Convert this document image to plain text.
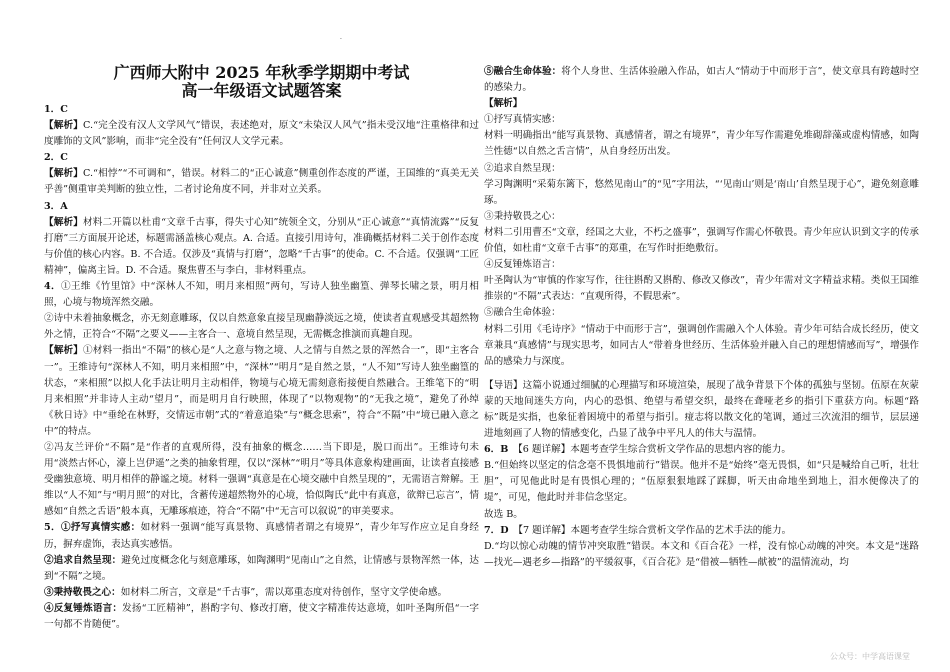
·

广西师大附中 2025 年秋季学期期中考试

高一年级语文试题答案

1．C

【解析】C.“完全没有汉人文学风气”错误，表述绝对，原文“未染汉人风气”指未受汉地“注重格律和过度雕饰的文风”影响，而非“完全没有”任何汉人文学元素。

2．C

【解析】C.“相悖”“不可调和”，错误。材料二的“正心诚意”侧重创作态度的严谨，王国维的“真美无关乎善”侧重审美判断的独立性，二者讨论角度不同，并非对立关系。

3．A

【解析】材料二开篇以杜甫“文章千古事，得失寸心知”统领全文，分别从“正心诚意”“真情流露”“反复打磨”三方面展开论述，标题需涵盖核心观点。A. 合适。直接引用诗句，准确概括材料二关于创作态度与价值的核心内容。B. 不合适。仅涉及“真情与打磨”，忽略“千古事”的使命。C. 不合适。仅强调“工匠精神”，偏离主旨。D. 不合适。聚焦曹丕与李白，非材料重点。

4．①王维《竹里馆》中“深林人不知，明月来相照”两句，写诗人独坐幽篁、弹琴长啸之景，明月相照，心境与物境浑然交融。

②诗中未着抽象概念，亦无刻意雕琢，仅以自然意象直接呈现幽静淡远之境，使读者直观感受其超然物外之情，正符合“不隔”之要义——主客合一、意境自然呈现，无需概念推演而真趣自现。

【解析】①材料一指出“不隔”的核心是“人之意与物之境、人之情与自然之景的浑然合一”，即“主客合一”。王维诗句“深林人不知，明月来相照”中，“深林”“明月”是自然之景，“人不知”写诗人独坐幽篁的状态，“来相照”以拟人化手法让明月主动相伴，物境与心境无需刻意衔接便自然融合。王维笔下的“明月来相照”并非诗人主动“望月”，而是明月自行映照，体现了“以物观物”的“无我之境”，避免了孙绰《秋日诗》中“垂纶在林野，交情远市朝”式的“着意追染”与“概念思索”，符合“不隔”中“境已融入意之中”的特点。

②冯友兰评价“不隔”是“作者的直观所得，没有抽象的概念……当下即是，脱口而出”。王维诗句未用“淡然古怀心，濠上岂伊遥”之类的抽象哲理，仅以“深林”“明月”等具体意象构建画面，让读者直接感受幽独意境、明月相伴的静谧之境。材料一强调“真意是在心境交融中自然呈现的”，无需语言辩解。王维以“人不知”与“明月照”的对比，含蓄传递超然物外的心境，恰似陶氏“此中有真意，欲辩已忘言”，情感如“自然之舌语”般本真，无雕琢痕迹，符合“不隔”中“无言可以叙说”的审美要求。

5．①抒写真情实感：如材料一强调“能写真景物、真感情者谓之有境界”，青少年写作应立足自身经历，摒弃虚饰，表达真实感悟。

②追求自然呈现：避免过度概念化与刻意雕琢，如陶渊明“见南山”之自然，让情感与景物浑然一体，达到“不隔”之境。

③秉持敬畏之心：如材料二所言，文章是“千古事”，需以郑重态度对待创作，坚守文学使命感。

④反复锤炼语言：发扬“工匠精神”，斟酌字句、修改打磨，使文字精准传达意境，如叶圣陶所倡“一字一句都不肯随便”。

⑤融合生命体验：将个人身世、生活体验融入作品，如古人“情动于中而形于言”，使文章具有跨越时空的感染力。

【解析】

①抒写真情实感：

材料一明确指出“能写真景物、真感情者，谓之有境界”，青少年写作需避免堆砌辞藻或虚构情感，如陶兰性德“以自然之舌言情”，从自身经历出发。

②追求自然呈现：

学习陶渊明“采菊东篱下，悠然见南山”的“见”字用法，“‘见南山’则是‘南山’自然呈现于心”，避免刻意雕琢。

③秉持敬畏之心：

材料二引用曹丕“文章，经国之大业，不朽之盛事”，强调写作需心怀敬畏。青少年应认识到文字的传承价值，如杜甫“文章千古事”的郑重，在写作时拒绝敷衍。

④反复锤炼语言：

叶圣陶认为“审慎的作家写作，往往斟酌又斟酌、修改又修改”，青少年需对文字精益求精。类似王国维推崇的“不隔”式表达：“直观所得，不假思索”。

⑤融合生命体验：

材料二引用《毛诗序》“情动于中而形于言”，强调创作需融入个人体验。青少年可结合成长经历，使文章兼具“真感情”与现实思考，如同古人“带着身世经历、生活体验并融入自己的理想情感而写”，增强作品的感染力与深度。

【导语】这篇小说通过细腻的心理描写和环境渲染，展现了战争背景下个体的孤独与坚韧。伍原在灰蒙蒙的天地间迷失方向，内心的恐惧、绝望与希望交织，最终在聋哑老乡的指引下重获方向。标题“路标”既是实指，也象征着困境中的希望与指引。痖志将以散文化的笔调，通过三次流泪的细节，层层递进地刻画了人物的情感变化，凸显了战争中平凡人的伟大与温情。

6．B　【6 题详解】本题考查学生综合赏析文学作品的思想内容的能力。

B.“但始终以坚定的信念毫不畏惧地前行”错误。他并不是“始终”毫无畏惧，如“只是喊给自己听，壮壮胆”，可见他此时是有畏惧心理的；“伍原狠狠地踩了踩脚，听天由命地坐到地上，泪水便像决了的堤”，可见，他此时并非信念坚定。

故选 B。

7．D　【7 题详解】本题考查学生综合赏析文学作品的艺术手法的能力。

D.“均以惊心动魄的情节冲突取胜”错误。本文和《百合花》一样，没有惊心动魄的冲突。本文是“迷路—找光—遇老乡—指路”的平缓叙事，《百合花》是“借被—牺牲—献被”的温情流动，均

公众号：中学高语课堂
